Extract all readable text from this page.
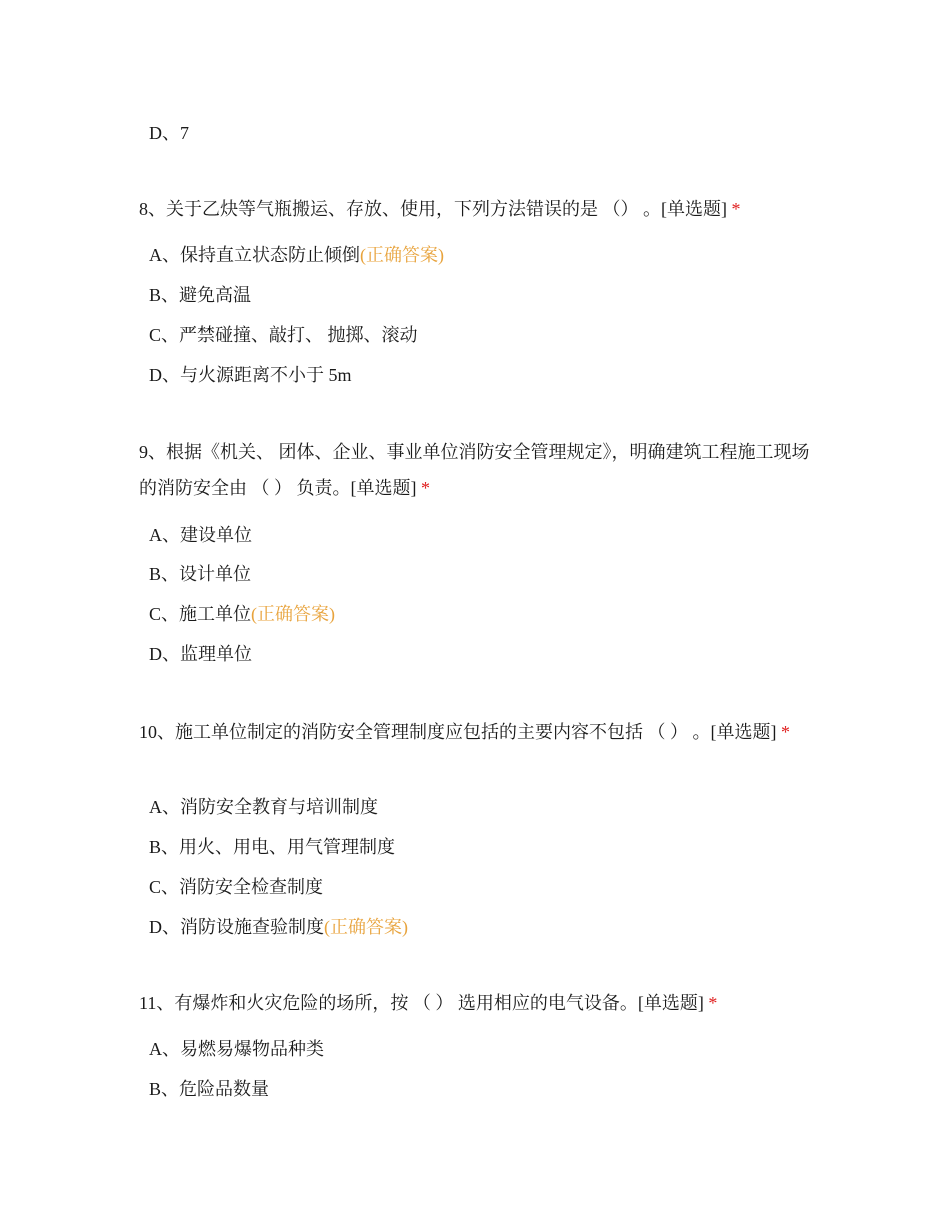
D、7
8、关于乙炔等气瓶搬运、存放、使用，下列方法错误的是 （） 。[单选题] *
A、保持直立状态防止倾倒(正确答案)
B、避免高温
C、严禁碰撞、敲打、 抛掷、滚动
D、与火源距离不小于 5m
9、根据《机关、 团体、企业、事业单位消防安全管理规定》，明确建筑工程施工现场的消防安全由 （ ） 负责。[单选题] *
A、建设单位
B、设计单位
C、施工单位(正确答案)
D、监理单位
10、施工单位制定的消防安全管理制度应包括的主要内容不包括 （ ） 。[单选题] *
A、消防安全教育与培训制度
B、用火、用电、用气管理制度
C、消防安全检查制度
D、消防设施查验制度(正确答案)
11、有爆炸和火灾危险的场所，按 （ ） 选用相应的电气设备。[单选题] *
A、易燃易爆物品种类
B、危险品数量
